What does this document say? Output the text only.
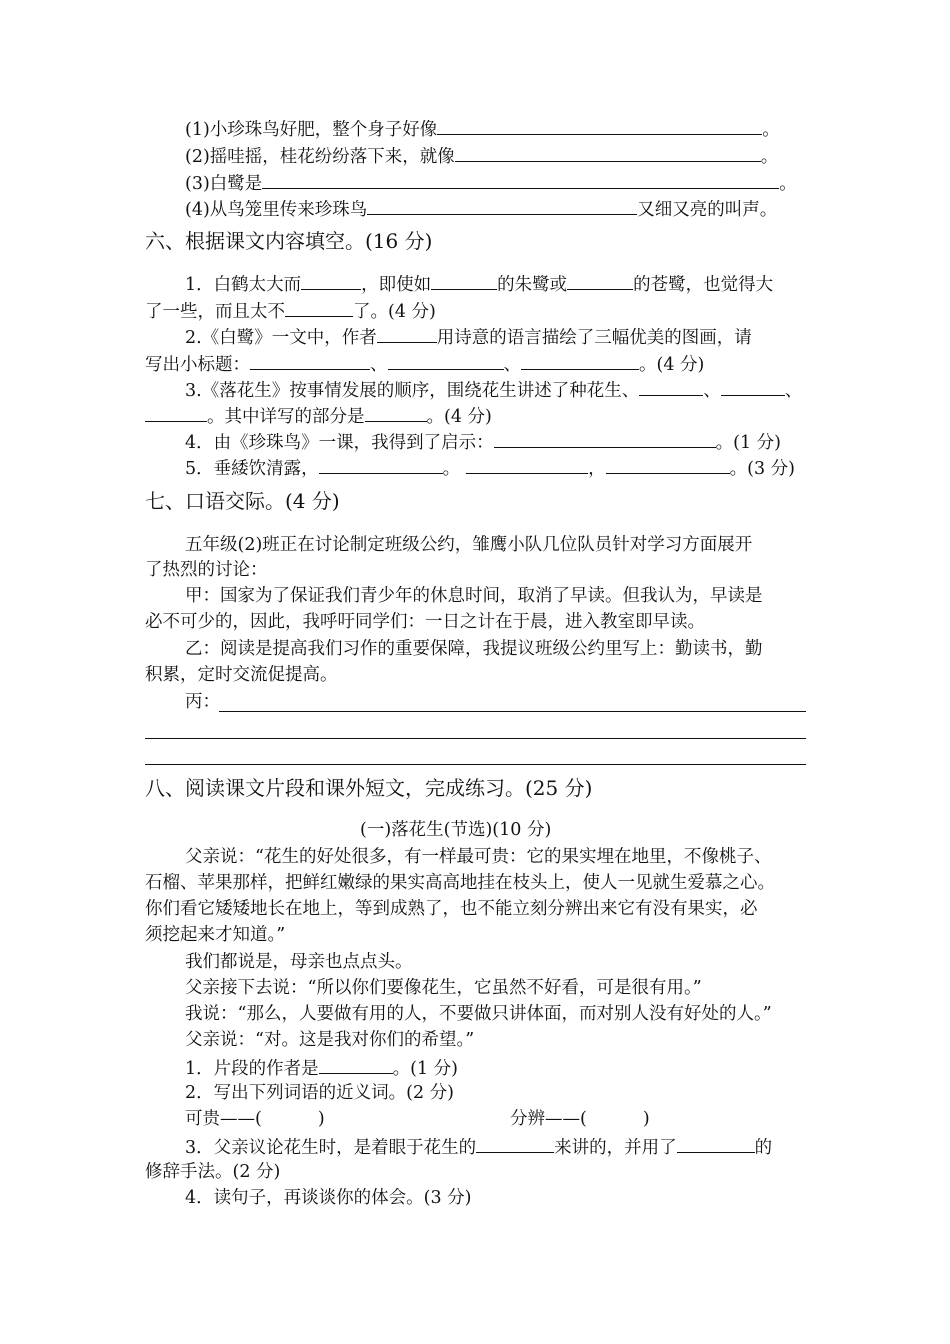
(1)小珍珠鸟好肥，整个身子好像	。
(2)摇哇摇，桂花纷纷落下来，就像	。
(3)白鹭是	。
(4)从鸟笼里传来珍珠鸟	又细又亮的叫声。
六、根据课文内容填空。(16 分)
1．白鹤太大而	，即使如	的朱鹭或	的苍鹭，也觉得大
了一些，而且太不	了。(4 分)
2.《白鹭》一文中，作者	用诗意的语言描绘了三幅优美的图画，请
写出小标题：	、	、	。(4 分)
3.《落花生》按事情发展的顺序，围绕花生讲述了种花生、	、	、
。其中详写的部分是	。(4 分)
4．由《珍珠鸟》一课，我得到了启示：	。(1 分)
5．垂緌饮清露，	。	，	。(3 分)
七、口语交际。(4 分)
五年级(2)班正在讨论制定班级公约，雏鹰小队几位队员针对学习方面展开
了热烈的讨论：
甲：国家为了保证我们青少年的休息时间，取消了早读。但我认为，早读是
必不可少的，因此，我呼吁同学们：一日之计在于晨，进入教室即早读。
乙：阅读是提高我们习作的重要保障，我提议班级公约里写上：勤读书，勤
积累，定时交流促提高。
丙：
八、阅读课文片段和课外短文，完成练习。(25 分)
(一)落花生(节选)(10 分)
父亲说：“花生的好处很多，有一样最可贵：它的果实埋在地里，不像桃子、
石榴、苹果那样，把鲜红嫩绿的果实高高地挂在枝头上，使人一见就生爱慕之心。
你们看它矮矮地长在地上，等到成熟了，也不能立刻分辨出来它有没有果实，必
须挖起来才知道。”
我们都说是，母亲也点点头。
父亲接下去说：“所以你们要像花生，它虽然不好看，可是很有用。”
我说：“那么，人要做有用的人，不要做只讲体面，而对别人没有好处的人。”
父亲说：“对。这是我对你们的希望。”
1．片段的作者是	。(1 分)
2．写出下列词语的近义词。(2 分)
可贵——(	)	分辨——(	)
3．父亲议论花生时，是着眼于花生的	来讲的，并用了	的
修辞手法。(2 分)
4．读句子，再谈谈你的体会。(3 分)
